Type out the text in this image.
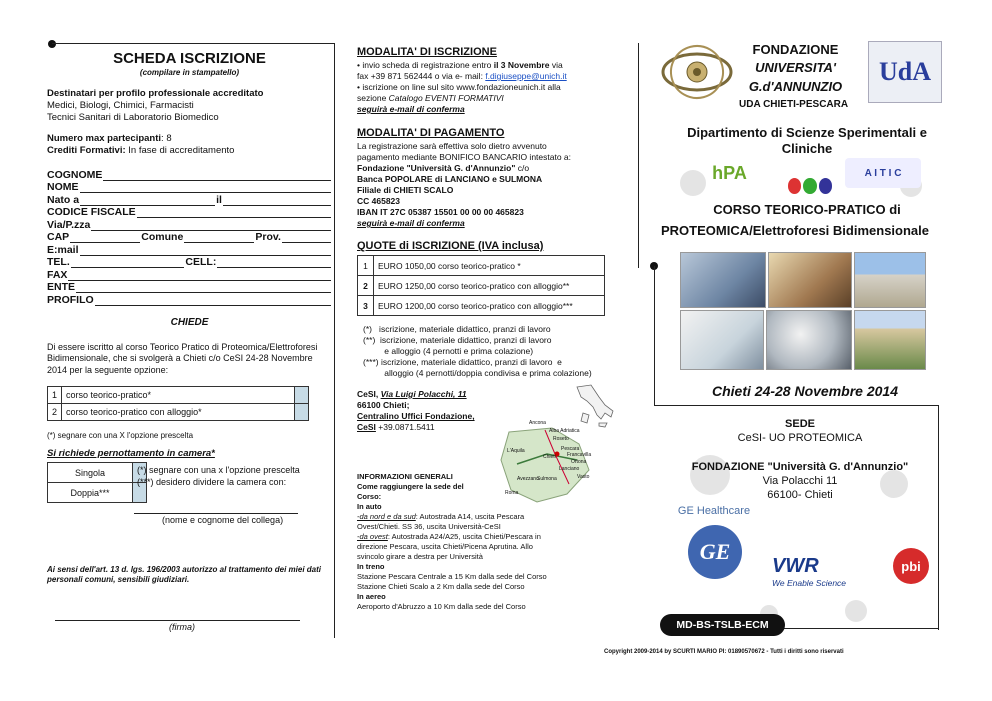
SCHEDA ISCRIZIONE
(compilare in stampatello)
Destinatari per profilo professionale accreditato
Medici, Biologi, Chimici, Farmacisti
Tecnici Sanitari di Laboratorio Biomedico
Numero max partecipanti: 8
Crediti Formativi: In fase di accreditamento
COGNOME
NOME
Nato a	il
CODICE FISCALE
Via/P.zza
CAP	Comune	Prov.
E:mail
TEL.	CELL:
FAX
ENTE
PROFILO
CHIEDE
Di essere iscritto al corso Teorico Pratico di Proteomica/Elettroforesi Bidimensionale, che si svolgerà a Chieti c/o CeSI 24-28 Novembre 2014 per la seguente opzione:
1	corso teorico-pratico*	
2	corso teorico-pratico con alloggio*	
(*) segnare con una X l'opzione prescelta
Si richiede pernottamento in camera*
Singola	
Doppia***	
(*) segnare con una x l'opzione prescelta
(***) desidero dividere la camera con:
(nome e cognome del collega)
Ai sensi dell'art. 13 d. lgs. 196/2003 autorizzo al trattamento dei miei dati personali comuni, sensibili giudiziari.
(firma)
MODALITA' DI ISCRIZIONE
• invio scheda di registrazione entro il 3 Novembre via
fax +39 871 562444 o via e- mail: f.digiuseppe@unich.it
• iscrizione on line sul sito www.fondazioneunich.it alla
sezione Catalogo EVENTI FORMATIVI
seguirà e-mail di conferma
MODALITA' DI PAGAMENTO
La registrazione sarà effettiva solo dietro avvenuto
pagamento mediante BONIFICO BANCARIO intestato a:
Fondazione "Università G. d'Annunzio" c/o
Banca POPOLARE di LANCIANO e SULMONA
Filiale di CHIETI SCALO
CC 465823
IBAN IT 27C 05387 15501 00 00 00 465823
seguirà e-mail di conferma
QUOTE di ISCRIZIONE (IVA inclusa)
1	EURO 1050,00 corso teorico-pratico *
2	EURO 1250,00 corso teorico-pratico con alloggio**
3	EURO 1200,00 corso teorico-pratico con alloggio***
(*)   iscrizione, materiale didattico, pranzi di lavoro
(**)  iscrizione, materiale didattico, pranzi di lavoro
e alloggio (4 pernotti e prima colazione)
(***) iscrizione, materiale didattico, pranzi di lavoro  e
alloggio (4 pernotti/doppia condivisa e prima colazione)
CeSI, Via Luigi Polacchi, 11
66100 Chieti;
Centralino Uffici Fondazione,
CeSI +39.0871.5411	Ancona
Alba Adriatica
Roseto
Pescara
Francavilla
Ortona
Chieti
L'Aquila
Lanciano
Vasto
Avezzano
Sulmona
Roma
INFORMAZIONI GENERALI
Come raggiungere la sede del
Corso:
In auto
-da nord e da sud: Autostrada A14, uscita Pescara
Ovest/Chieti. SS 36, uscita Università-CeSI
-da ovest: Autostrada A24/A25, uscita Chieti/Pescara in
direzione Pescara, uscita Chieti/Picena Aprutina. Allo
svincolo girare a destra per Università
In treno
Stazione Pescara Centrale a 15 Km dalla sede del Corso
Stazione Chieti Scalo a 2 Km dalla sede del Corso
In aereo
Aeroporto d'Abruzzo a 10 Km dalla sede del Corso
FONDAZIONE
UNIVERSITA'
G.d'ANNUNZIO
UDA CHIETI-PESCARA
UdA
Dipartimento di Scienze Sperimentali e
Cliniche
hPA	A I T I C
CORSO TEORICO-PRATICO di
PROTEOMICA/Elettroforesi Bidimensionale
Chieti 24-28 Novembre 2014
SEDE
CeSI- UO PROTEOMICA
FONDAZIONE "Università G. d'Annunzio"
Via Polacchi 11
66100- Chieti
GE Healthcare
GE
VWR
We Enable Science
pbi
MD-BS-TSLB-ECM
Copyright 2009-2014 by SCURTI MARIO PI: 01890570672 - Tutti i diritti sono riservati
